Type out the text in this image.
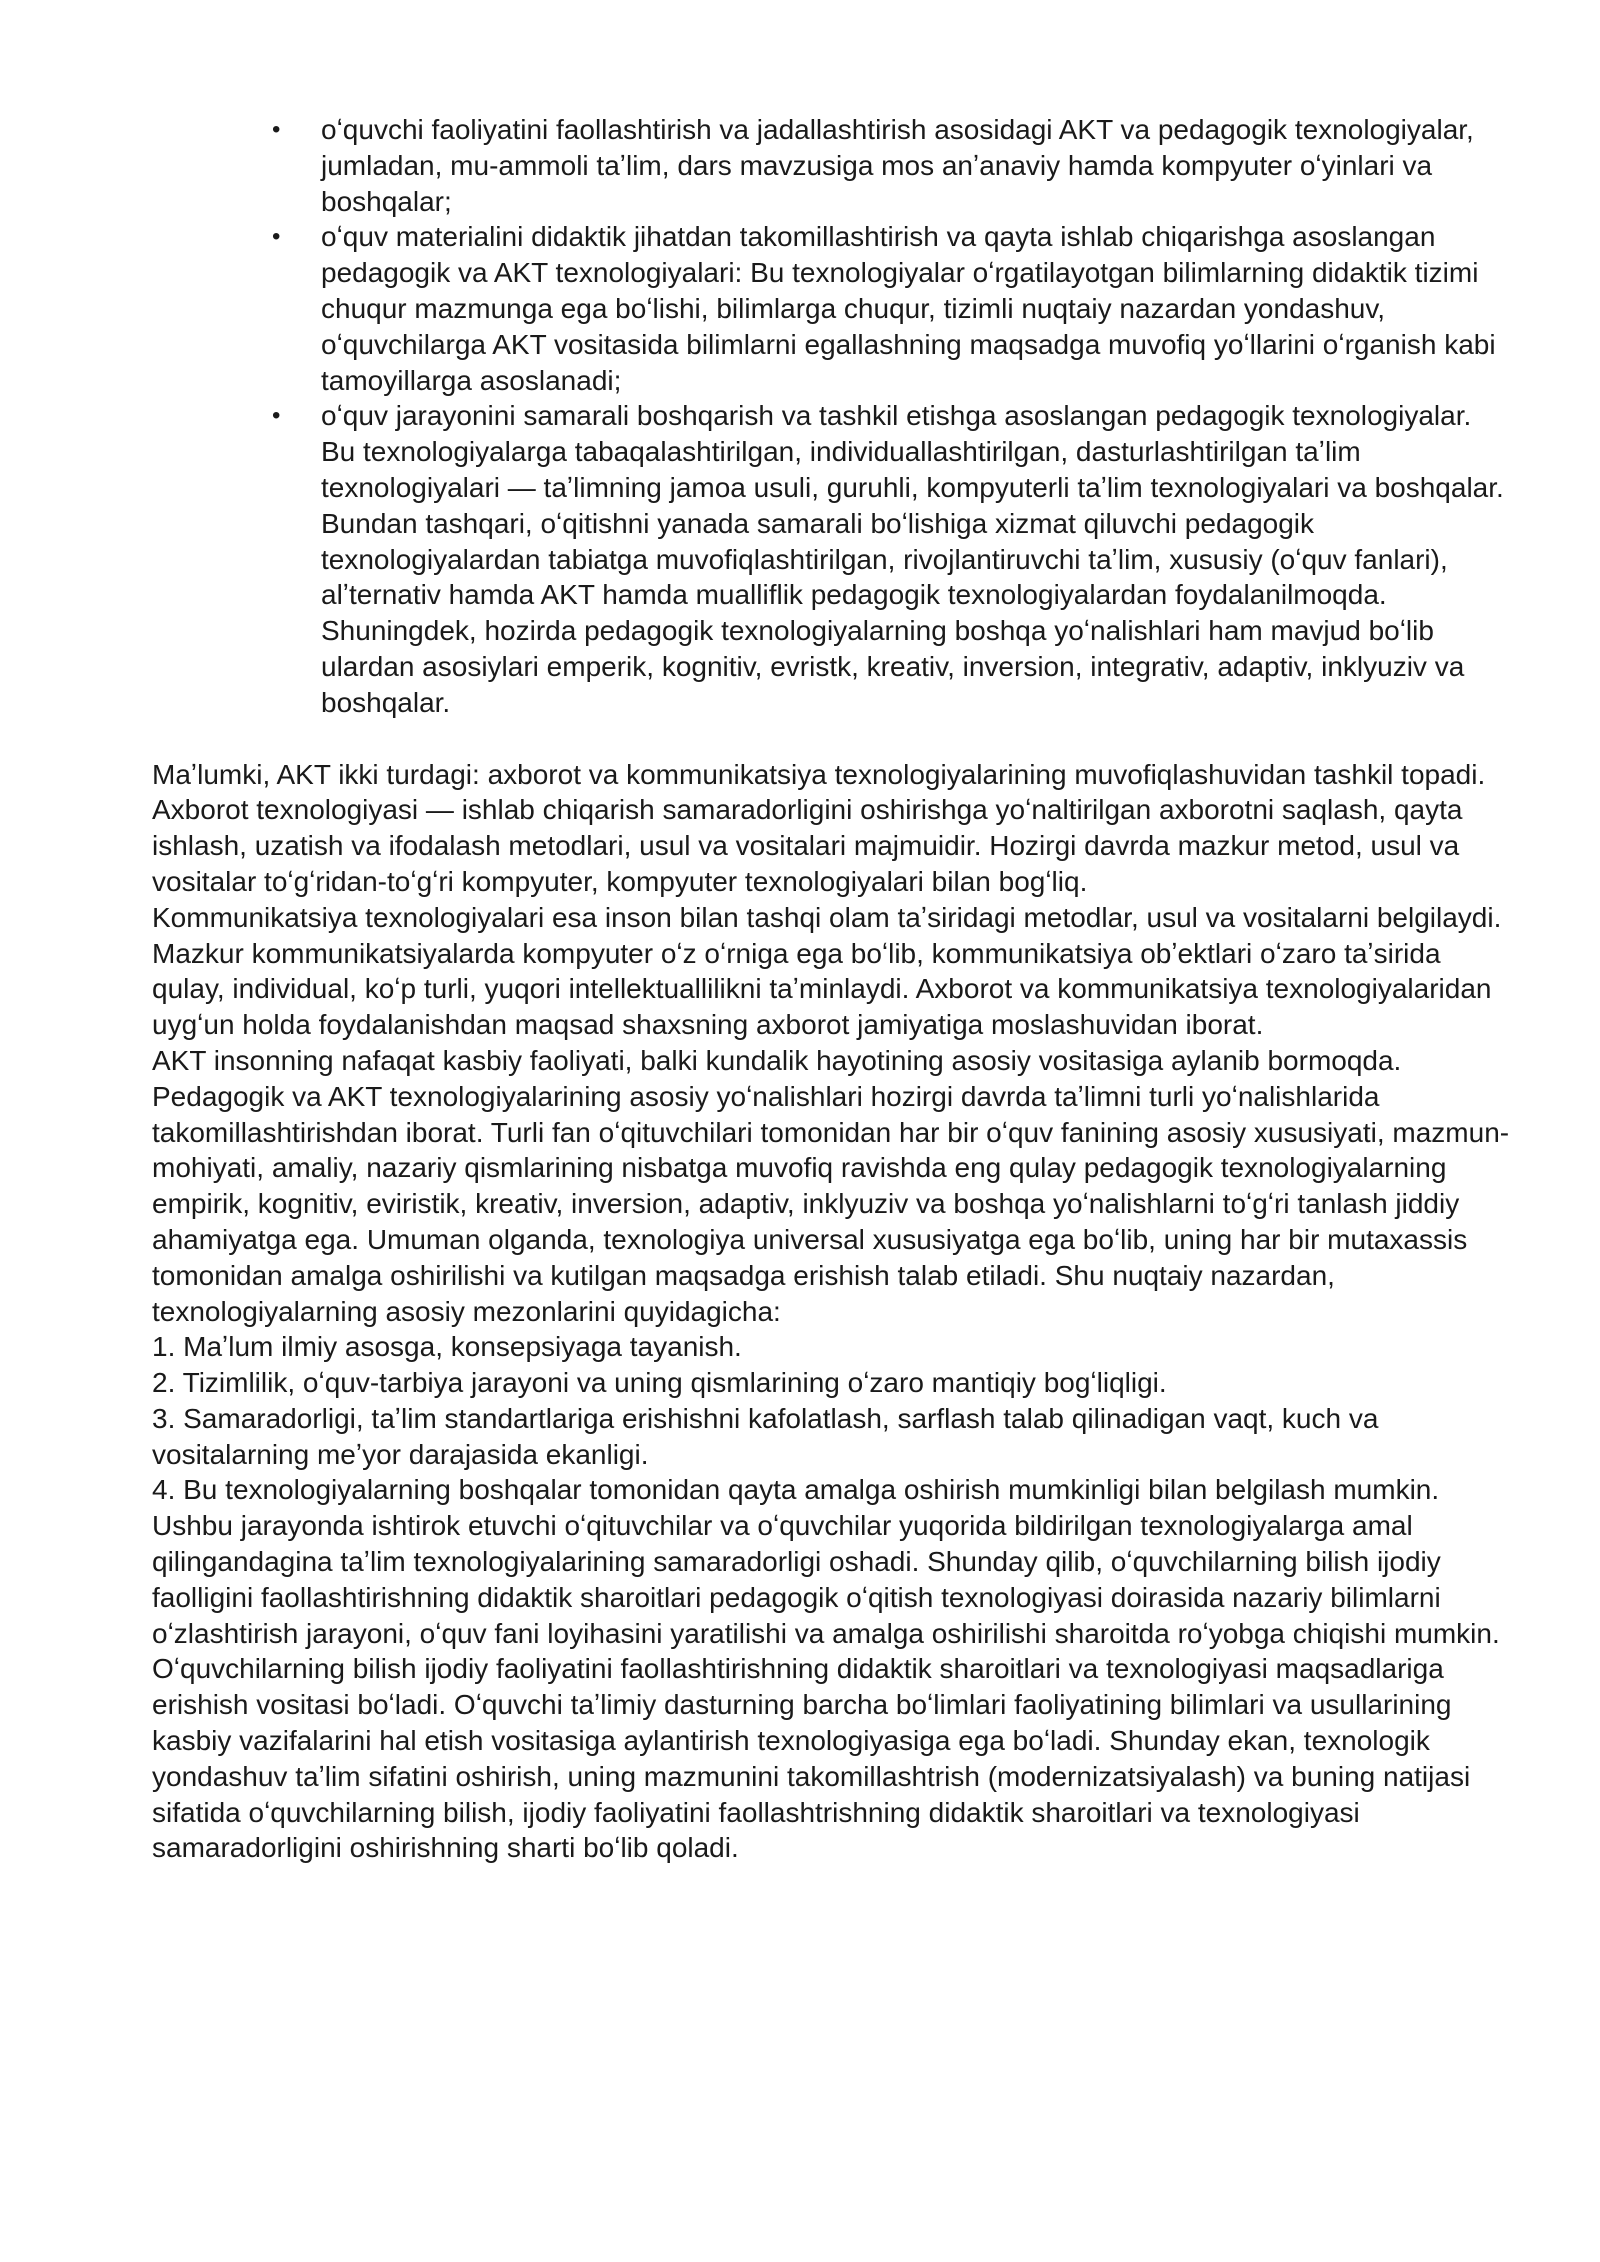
•	oʻquvchi faoliyatini faollashtirish va jadallashtirish asosidagi AKT va pedagogik texnologiyalar, jumladan, mu-ammoli taʼlim, dars mavzusiga mos anʼanaviy hamda kompyuter oʻyinlari va boshqalar;
•	oʻquv materialini didaktik jihatdan takomillashtirish va qayta ishlab chiqarishga asoslangan pedagogik va AKT texnologiyalari: Bu texnologiyalar oʻrgatilayotgan bilimlarning didaktik tizimi chuqur mazmunga ega boʻlishi, bilimlarga chuqur, tizimli nuqtaiy nazardan yondashuv, oʻquvchilarga AKT vositasida bilimlarni egallashning maqsadga muvofiq yoʻllarini oʻrganish kabi tamoyillarga asoslanadi;
•	oʻquv jarayonini samarali boshqarish va tashkil etishga asoslangan pedagogik texnologiyalar. Bu texnologiyalarga tabaqalashtirilgan, individuallashtirilgan, dasturlashtirilgan taʼlim texnologiyalari — taʼlimning jamoa usuli, guruhli, kompyuterli taʼlim texnologiyalari va boshqalar. Bundan tashqari, oʻqitishni yanada samarali boʻlishiga xizmat qiluvchi pedagogik texnologiyalardan tabiatga muvofiqlashtirilgan, rivojlantiruvchi taʼlim, xususiy (oʻquv fanlari), alʼternativ hamda AKT hamda mualliflik pedagogik texnologiyalardan foydalanilmoqda. Shuningdek, hozirda pedagogik texnologiyalarning boshqa yoʻnalishlari ham mavjud boʻlib ulardan asosiylari emperik, kognitiv, evristk, kreativ, inversion, integrativ, adaptiv, inklyuziv va boshqalar.

Maʼlumki, AKT ikki turdagi: axborot va kommunikatsiya texnologiyalarining muvofiqlashuvidan tashkil topadi. Axborot texnologiyasi — ishlab chiqarish samaradorligini oshirishga yoʻnaltirilgan axborotni saqlash, qayta ishlash, uzatish va ifodalash metodlari, usul va vositalari majmuidir. Hozirgi davrda mazkur metod, usul va vositalar toʻgʻridan-toʻgʻri kompyuter, kompyuter texnologiyalari bilan bogʻliq.

Kommunikatsiya texnologiyalari esa inson bilan tashqi olam taʼsiridagi metodlar, usul va vositalarni belgilaydi. Mazkur kommunikatsiyalarda kompyuter oʻz oʻrniga ega boʻlib, kommunikatsiya obʼektlari oʻzaro taʼsirida qulay, individual, koʻp turli, yuqori intellektuallilikni taʼminlaydi. Axborot va kommunikatsiya texnologiyalaridan uygʻun holda foydalanishdan maqsad shaxsning axborot jamiyatiga moslashuvidan iborat.

AKT insonning nafaqat kasbiy faoliyati, balki kundalik hayotining asosiy vositasiga aylanib bormoqda. Pedagogik va AKT texnologiyalarining asosiy yoʻnalishlari hozirgi davrda taʼlimni turli yoʻnalishlarida takomillashtirishdan iborat. Turli fan oʻqituvchilari tomonidan har bir oʻquv fanining asosiy xususiyati, mazmun-mohiyati, amaliy, nazariy qismlarining nisbatga muvofiq ravishda eng qulay pedagogik texnologiyalarning empirik, kognitiv, eviristik, kreativ, inversion, adaptiv, inklyuziv va boshqa yoʻnalishlarni toʻgʻri tanlash jiddiy ahamiyatga ega. Umuman olganda, texnologiya universal xususiyatga ega boʻlib, uning har bir mutaxassis tomonidan amalga oshirilishi va kutilgan maqsadga erishish talab etiladi. Shu nuqtaiy nazardan, texnologiyalarning asosiy mezonlarini quyidagicha:

1. Maʼlum ilmiy asosga, konsepsiyaga tayanish.

2. Tizimlilik, oʻquv-tarbiya jarayoni va uning qismlarining oʻzaro mantiqiy bogʻliqligi.

3. Samaradorligi, taʼlim standartlariga erishishni kafolatlash, sarflash talab qilinadigan vaqt, kuch va vositalarning meʼyor darajasida ekanligi.

4. Bu texnologiyalarning boshqalar tomonidan qayta amalga oshirish mumkinligi bilan belgilash mumkin.

Ushbu jarayonda ishtirok etuvchi oʻqituvchilar va oʻquvchilar yuqorida bildirilgan texnologiyalarga amal qilingandagina taʼlim texnologiyalarining samaradorligi oshadi. Shunday qilib, oʻquvchilarning bilish ijodiy faolligini faollashtirishning didaktik sharoitlari pedagogik oʻqitish texnologiyasi doirasida nazariy bilimlarni oʻzlashtirish jarayoni, oʻquv fani loyihasini yaratilishi va amalga oshirilishi sharoitda roʻyobga chiqishi mumkin. Oʻquvchilarning bilish ijodiy faoliyatini faollashtirishning didaktik sharoitlari va texnologiyasi maqsadlariga erishish vositasi boʻladi. Oʻquvchi taʼlimiy dasturning barcha boʻlimlari faoliyatining bilimlari va usullarining kasbiy vazifalarini hal etish vositasiga aylantirish texnologiyasiga ega boʻladi. Shunday ekan, texnologik yondashuv taʼlim sifatini oshirish, uning mazmunini takomillashtrish (modernizatsiyalash) va buning natijasi sifatida oʻquvchilarning bilish, ijodiy faoliyatini faollashtrishning didaktik sharoitlari va texnologiyasi samaradorligini oshirishning sharti boʻlib qoladi.
